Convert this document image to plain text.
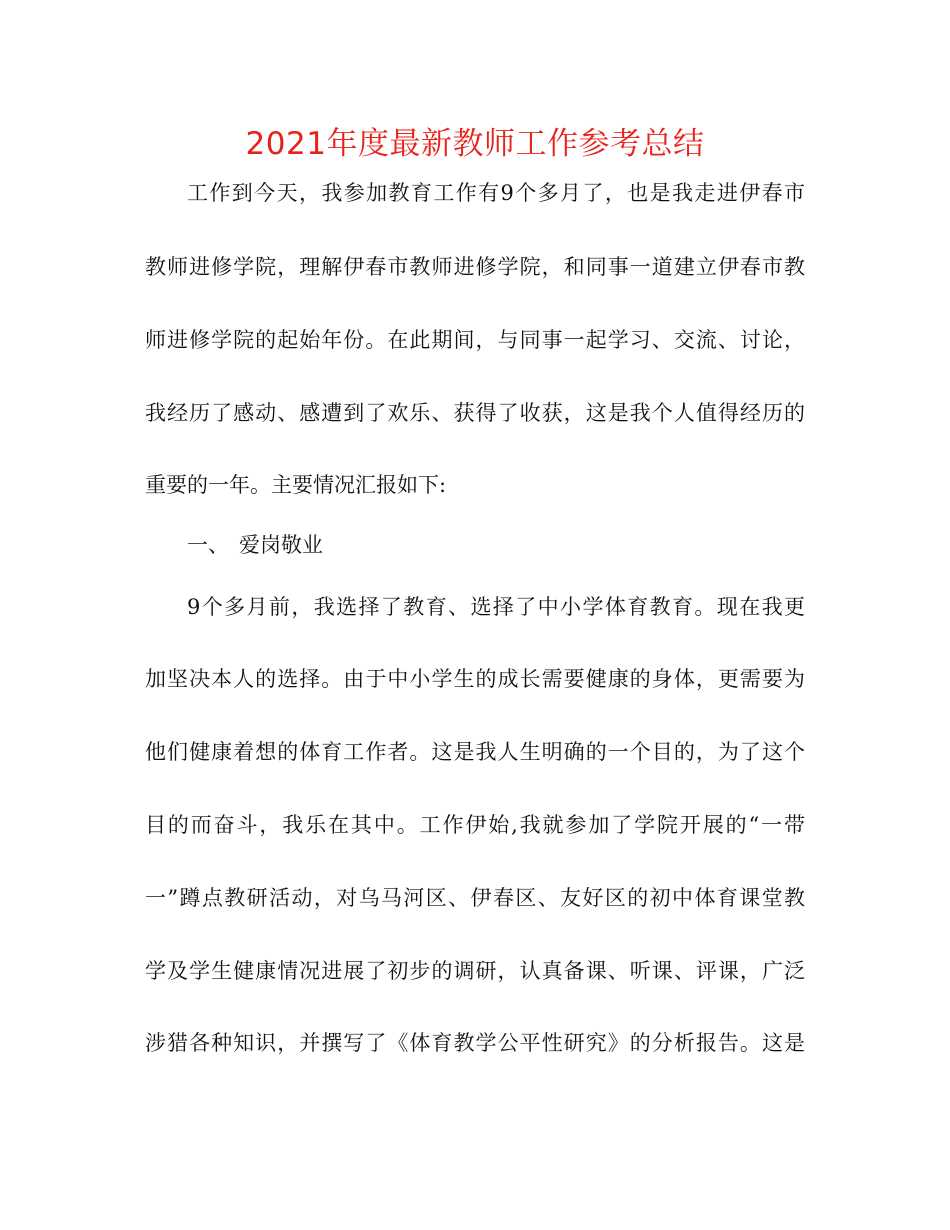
2021年度最新教师工作参考总结
工作到今天，我参加教育工作有9个多月了，也是我走进伊春市
教师进修学院，理解伊春市教师进修学院，和同事一道建立伊春市教
师进修学院的起始年份。在此期间，与同事一起学习、交流、讨论，
我经历了感动、感遭到了欢乐、获得了收获，这是我个人值得经历的
重要的一年。主要情况汇报如下:
一、 爱岗敬业
9个多月前，我选择了教育、选择了中小学体育教育。现在我更
加坚决本人的选择。由于中小学生的成长需要健康的身体，更需要为
他们健康着想的体育工作者。这是我人生明确的一个目的，为了这个
目的而奋斗，我乐在其中。工作伊始,我就参加了学院开展的“一带
一”蹲点教研活动，对乌马河区、伊春区、友好区的初中体育课堂教
学及学生健康情况进展了初步的调研，认真备课、听课、评课，广泛
涉猎各种知识，并撰写了《体育教学公平性研究》的分析报告。这是
